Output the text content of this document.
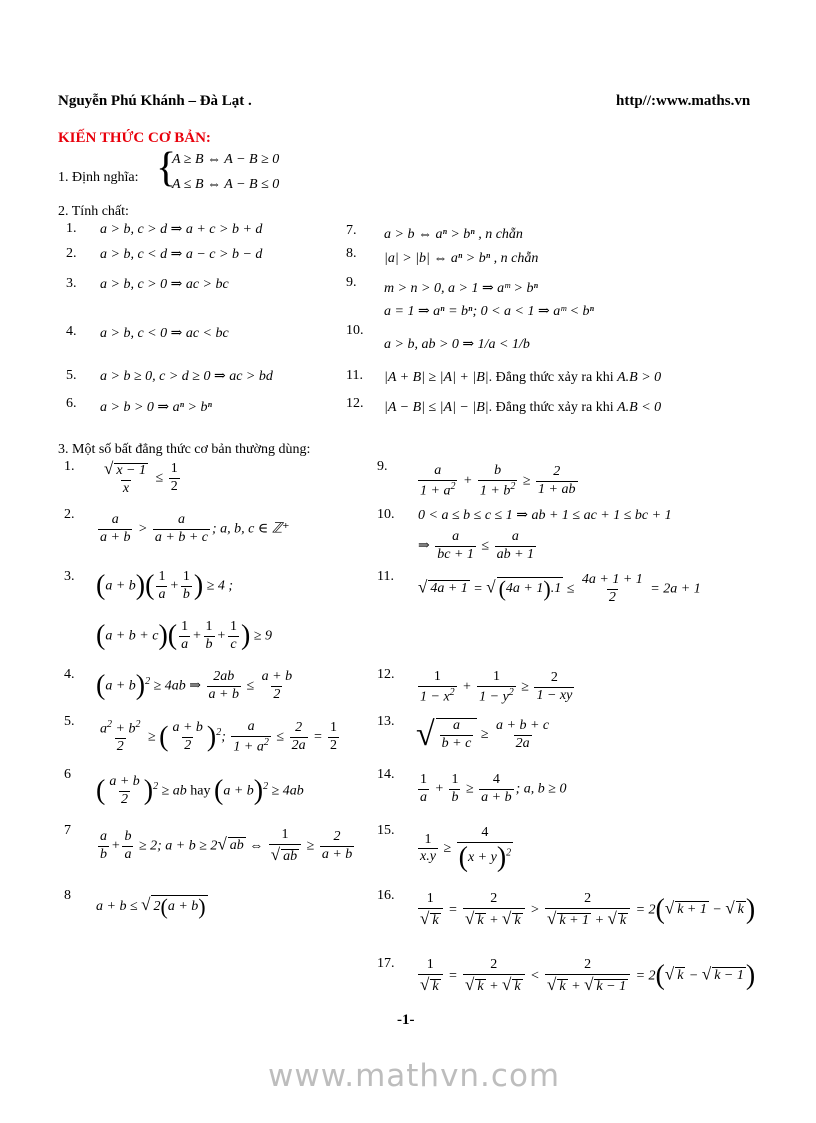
Nguyễn Phú Khánh – Đà Lạt .	http//:www.maths.vn
KIẾN THỨC CƠ BẢN:
1. Định nghĩa: {
A ≥ B ⇔ A − B ≥ 0
A ≤ B ⇔ A − B ≤ 0
2. Tính chất:
1. a > b, c > d ⇒ a + c > b + d
2. a > b, c < d ⇒ a − c > b − d
3. a > b, c > 0 ⇒ ac > bc
4. a > b, c < 0 ⇒ ac < bc
5. a > b ≥ 0, c > d ≥ 0 ⇒ ac > bd
6. a > b > 0 ⇒ aⁿ > bⁿ
7. a > b ⇔ aⁿ > bⁿ , n chẵn
8. |a| > |b| ⇔ aⁿ > bⁿ , n chẵn
9. m > n > 0, a > 1 ⇒ aᵐ > bⁿ
a = 1 ⇒ aⁿ = bⁿ; 0 < a < 1 ⇒ aᵐ < bⁿ
10.
a > b, ab > 0 ⇒ 1/a < 1/b
11. |A + B| ≥ |A| + |B|. Đẳng thức xảy ra khi A.B > 0
12. |A − B| ≤ |A| − |B|. Đẳng thức xảy ra khi A.B < 0
3. Một số bất đẳng thức cơ bản thường dùng:
1.
2.
3.
4.
5.
6
7
8
9.
10.
11.
12.
13.
14.
15.
16.
17.
$\frac{√ x - 1}{x} \le \frac{1}{2}$
$\frac{a}{a + b} > \frac{a}{a + b + c}$ ; a, b, c ∈ ℤ⁺
$(a + b)( \frac{1}{a} + \frac{1}{b}$ ) ≥ 4 ;
$(a + b + c)( \frac{1}{a} + \frac{1}{b} + \frac{1}{c}$ ) ≥ 9
$(a + b)^2 \ge 4ab$ ⇒ $\frac{2ab}{a + b} \le \frac{a + b}{2}$
$\frac{a^2 + b^2}{2}$ ≥ ( $\frac{a + b}{2} )^2$; $\frac{a}{1 + a^2} \le \frac{2}{2a} = \frac{1}{2}$
( $\frac{a + b}{2} )^2$ ≥ ab hay $(a + b)^2 \ge 4ab$
$\frac{a}{b} + \frac{b}{a} \ge 2$; a + b ≥ 2√ ab ⇔ $\frac{1}{√ ab} \ge \frac{2}{a + b}$
a + b ≤ √ 2(a + b)
$\frac{a}{1 + a^2} + \frac{b}{1 + b^2} \ge \frac{2}{1 + ab}$
0 < a ≤ b ≤ c ≤ 1 ⇒ ab + 1 ≤ ac + 1 ≤ bc + 1
⇒ $\frac{a}{bc + 1} \le \frac{a}{ab + 1}$
√ 4a + 1 = √ $(4a + 1).1 \le \frac{4a + 1 + 1}{2} = 2a + 1$
$\frac{1}{1 - x^2} + \frac{1}{1 - y^2} \ge \frac{2}{1 - xy}$
√ $\frac{a}{b + c} \ge \frac{a + b + c}{2a}$
$\frac{1}{a} + \frac{1}{b} \ge \frac{4}{a + b}$ ; a, b ≥ 0
$\frac{1}{x.y} \ge \frac{4}{(x + y)^2}$
$\frac{1}{√ k} = \frac{2}{√ k + √ k} > \frac{2}{√ k + 1 + √ k} = 2(√$ k + 1 − √ k)
$\frac{1}{√ k} = \frac{2}{√ k + √ k} < \frac{2}{√ k + √ k - 1} = 2(√$ k − √ k − 1)
-1-
www.mathvn.com
